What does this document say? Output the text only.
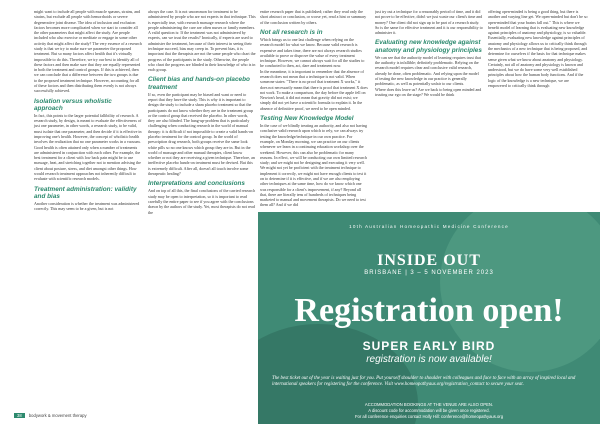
might want to include all people with muscle spasms, strains, and strains, but exclude all people with hemorrhoids or severe degenerative joint disease. The idea of inclusion and exclusion factors becomes more complicated when we start to consider all the other parameters that might affect the study. Are people included who also exercise or meditate or engage in some other activity that might affect the study? The very essence of a research study is that we try to make sure we parameter the proposed treatment. But so many factors affect health that it's virtually impossible to do this. Therefore, we try our best to identify all of these factors and then make sure that they are equally represented in both the treatment and control groups. If this is achieved, then we can conclude that a difference between the two groups is due to the proposed treatment technique. However, accounting for all of these factors and then distributing them evenly is not always successfully achieved.

Isolation versus wholistic approach

In fact, this points to the larger potential fallibility of research. A research study, by design, is meant to evaluate the effectiveness of just one parameter, in other words, a research study, to be valid, must isolate that one parameter, and then decide if it is effective in improving one's health. However, the concept of wholistic health involves the realization that no one parameter works in a vacuum. Good health is often attained only when a number of treatments are administered in conjunction with each other. For example, the best treatment for a client with low back pain might be to use massage, heat, and stretching together not to mention advising the client about posture, stress, and diet amongst other things. How would research treatment approaches not inherently difficult to evaluate with scientific research models.

Treatment administration: validity and bias

Another consideration is whether the treatment was administered correctly. This may seem to be a given, but is not

always the case. It is not uncommon for treatment to be administered by people who are not experts in that technique. This is especially true, with research massage research where the people administering the care are often nurses or family members. A valid question is: If the treatment was not administered by experts, can we trust the results? Ironically, if experts are used to administer the treatment, because of their interest in seeing their technique succeed, bias may creep in. To prevent bias, it is important that the therapists are not the same people who chart the progress of the participants in the study. Otherwise, the people who chart the progress are blinded in their knowledge of who is in each group.

Client bias and hands-on placebo treatment

If so, even the participant may be biased and want or need to report that they have the study. This is why it is important to design the study to include a sham placebo treatment so that the participants do not know whether they are in the treatment group or the control group that received the placebo. In other words, they are also blinded. The hang-up-problem that is particularly challenging when conducting research in the world of manual therapy: it is difficult if not impossible to create a valid hands-on placebo treatment for the control group. In the world of prescription drug research, both groups receive the same look white pills so no one knows which group they are in. But in the world of massage and other manual therapies, client know whether or not they are receiving a given technique. Therefore, an ineffective placebo hands-on treatment must be devised. But this is extremely difficult. After all, doesn't all touch involve some therapeutic healing?

Interpretations and conclusions

And on top of all this, the final conclusions of the carried research study may be open to interpretation, so it is important to read carefully the entire paper to see if you agree with the conclusions drawn by the authors of the study. Yet, most therapists do not read the

entire research paper that is published; rather they read only the short abstract or conclusion, or worse yet, read a hint or summary of the conclusion written by others.

Not all research is in

Which brings us to one last challenge when relying on the research model for what we know. Because valid research is expensive and takes time, there are not always research studies available to prove or disprove the value of every treatment technique. However, we cannot always wait for all the studies to be conducted to then, act, dare and treatment now.

In the meantime, it is important to remember that the absence of research does not mean that a technique is not valid. When someone states: "There is no proof that treatment X works," it does not necessarily mean that there is proof that treatment X does not work. To make a comparison, the day before the apple fell on Newton's head, it did not mean that gravity did not exist; we simply did not yet have a scientific formula to explain it. In the absence of definitive proof, we need to be open minded.

Testing New Knowledge Model

In the case of we blindly treating an authority, and also not having conclusive valid research upon which to rely, we can always try testing the knowledge/technique in our own practice. For example, on Monday morning, we can practice on our clients whenever we learn in a continuing education workshop over the weekend. However, this can also be problematic for many reasons. In effect, we will be conducting our own limited research study; and we might not be designing and executing it very well. We might not yet be proficient with the treatment technique to implement it correctly, we might not have enough clients to test it on to determine if it is effective, and if we are also employing other techniques at the same time, how do we know which one was responsible for a client's improvement, if any? Beyond all that, there are literally tens of hundreds of techniques being marketed to manual and movement therapists. Do we need to test them all? And if we did

just try out a technique for a reasonably period of time, and it did not prove to be effective, didn't we just waste our client's time and money? One client did not sign up to be part of a research study. So is the same for effective treatment and it is our responsibility to administer it.

Evaluating new knowledge against anatomy and physiology principles

We can see that the authority model of learning requires trust that the authority is infallible; definitely problematic. Relying on the research model requires clear and conclusive valid research, already be done, often problematic. And relying upon the model of testing the new knowledge in our practice is generally problematic, as well as potentially unfair to our clients.

Where does this leave us? Are we back to being open minded and trusting our ego on the stage? We would be think

offering open-minded is being a good thing, but there is another and varying line get. We open-minded but don't be so open-minded that your brains fall out." This is where we benefit model of learning that is evaluating new knowledge against principles of anatomy and physiology, is so valuable.

Essentially, evaluating new knowledge against principles of anatomy and physiology allows us to critically think through the mechanics of a new technique that is being proposed, and determine for ourselves if the basis for that technique makes sense given what we know about anatomy and physiology. Certainly, not all of anatomy and physiology is known and understood, but we do have some very well established principles about how the human body functions. And if the logic of the knowledge is a new technique, we are empowered to critically think through

38 bodywork & movement therapy
10th Australian Homeopathic Medicine Conference
INSIDE OUT
BRISBANE | 3 – 5 NOVEMBER 2023
Registration open!
SUPER EARLY BIRD
registration is now available!
The best ticket out of the year is waiting just for you. Put yourself shoulder to shoulder with colleagues and face to face with an array of inspired local and international speakers for registering for the conference. Visit www.homeopathyaus.org/registration_contact to secure your seat.
ACCOMMODATION BOOKINGS AT THE VENUE ARE ALSO OPEN.
A discount code for accommodation will be given once registered.
For all conference enquiries contact Holly Hill: conference@homeopathyaus.org
